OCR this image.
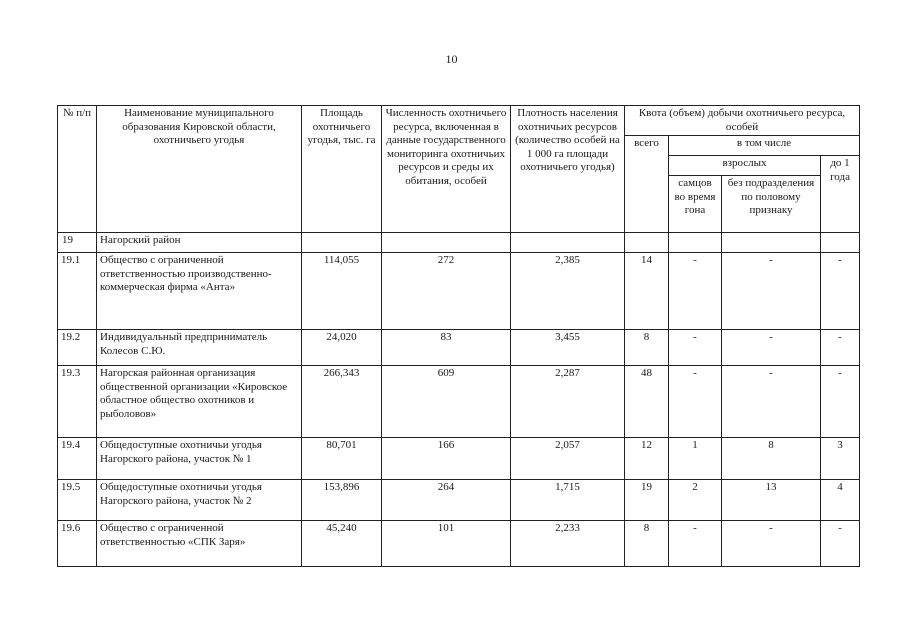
10
№ п/п	Наименование муниципального образования Кировской области, охотничьего угодья	Площадь охотничьего угодья, тыс. га	Численность охотничьего ресурса, включенная в данные государственного мониторинга охотничьих ресурсов и среды их обитания, особей	Плотность населения охотничьих ресурсов (количество особей на 1 000 га площади охотничьего угодья)	Квота (объем) добычи охотничьего ресурса, особей			
					всего	в том числе		
						взрослых		до 1 года
						самцов во время гона	без подразделения по половому признаку	
19	Нагорский район							
19.1	Общество с ограниченной ответственностью производственно-коммерческая фирма «Анта»	114,055	272	2,385	14	-	-	-
19.2	Индивидуальный предприниматель Колесов С.Ю.	24,020	83	3,455	8	-	-	-
19.3	Нагорская районная организация общественной организации «Кировское областное общество охотников и рыболовов»	266,343	609	2,287	48	-	-	-
19.4	Общедоступные охотничьи угодья Нагорского района, участок № 1	80,701	166	2,057	12	1	8	3
19.5	Общедоступные охотничьи угодья Нагорского района, участок № 2	153,896	264	1,715	19	2	13	4
19.6	Общество с ограниченной ответственностью «СПК Заря»	45,240	101	2,233	8	-	-	-
